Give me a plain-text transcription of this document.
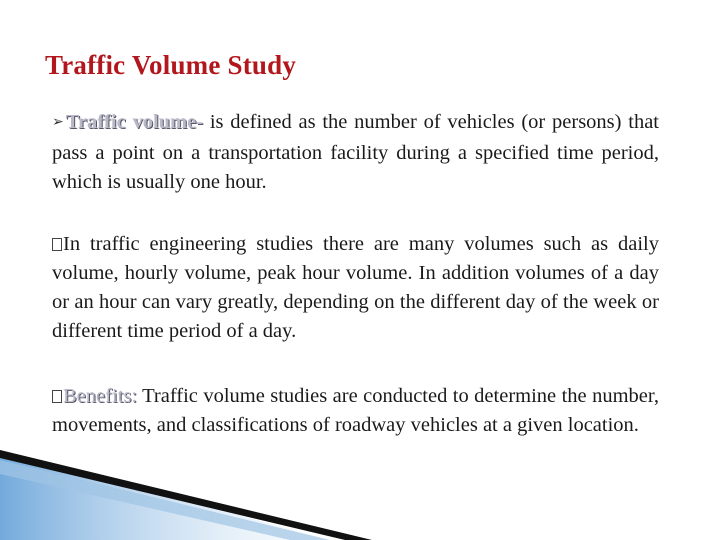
Traffic Volume Study
➢Traffic volume- is defined as the number of vehicles (or persons) that pass a point on a transportation facility during a specified time period, which is usually one hour.
In traffic engineering studies there are many volumes such as daily volume, hourly volume, peak hour volume. In addition volumes of a day or an hour can vary greatly, depending on the different day of the week or different time period of a day.
Benefits: Traffic volume studies are conducted to determine the number, movements, and classifications of roadway vehicles at a given location.
